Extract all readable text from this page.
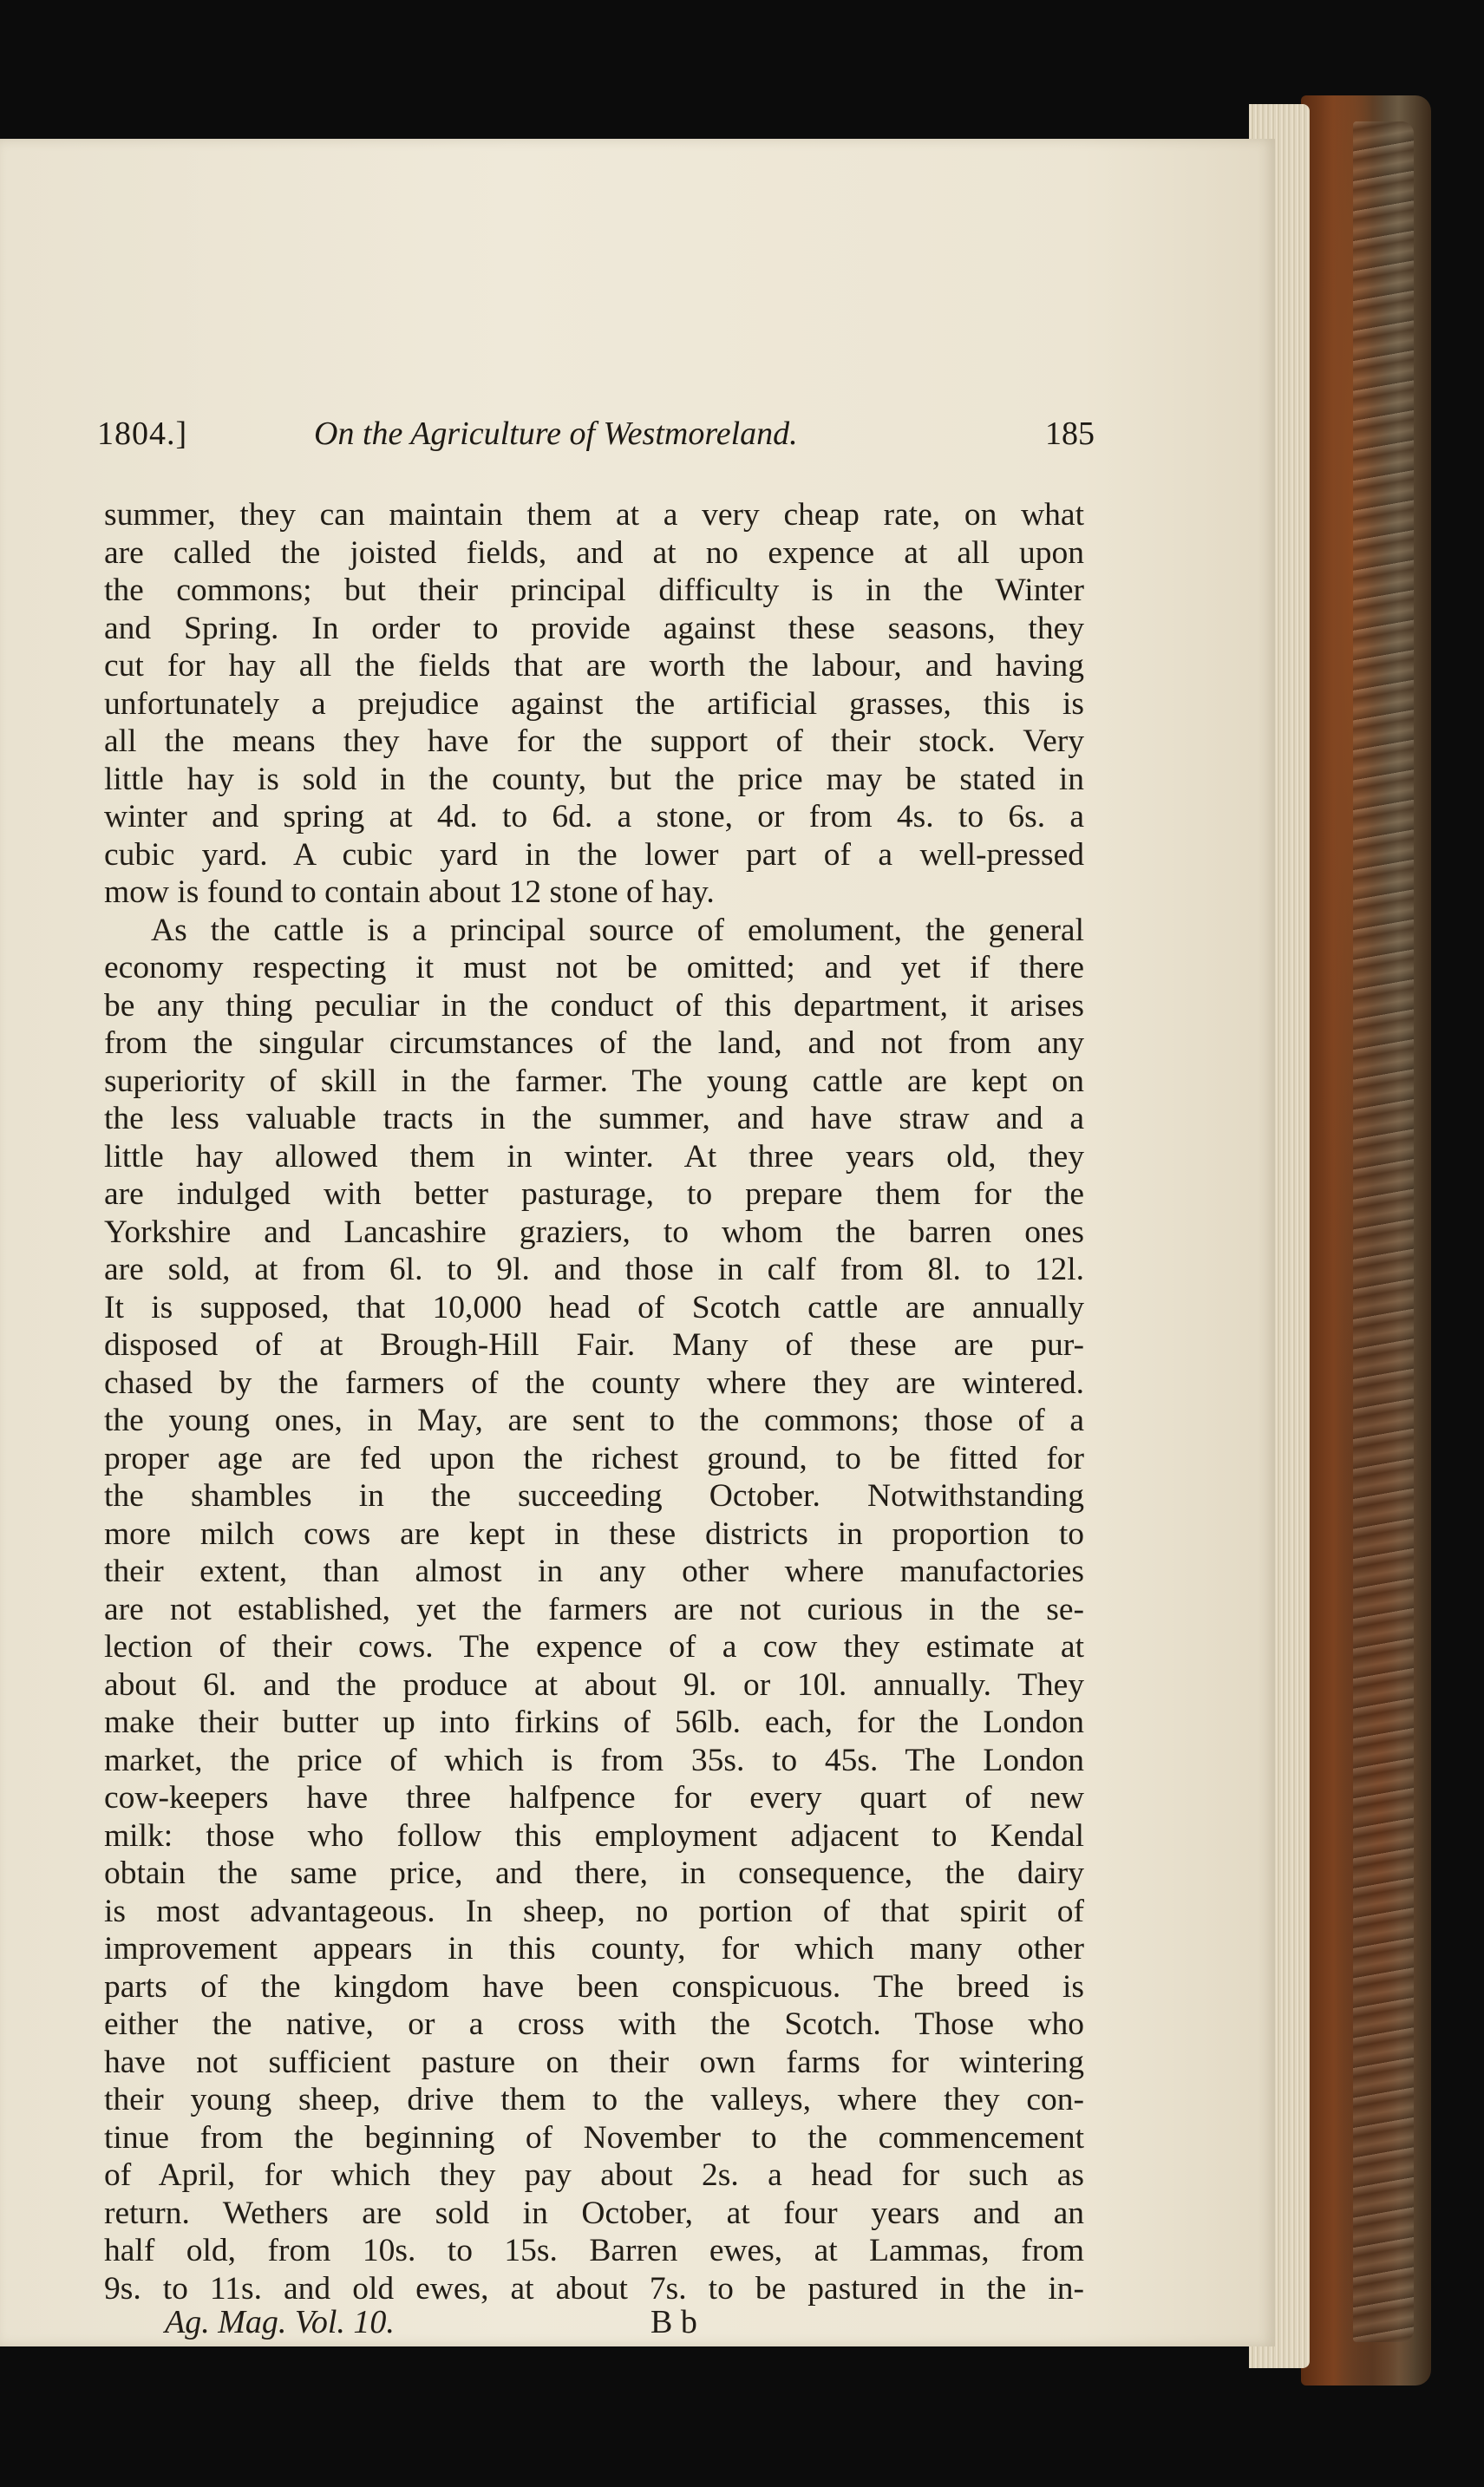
1804.]	On the Agriculture of Westmoreland.	185
summer, they can maintain them at a very cheap rate, on what
are called the joisted fields, and at no expence at all upon
the commons; but their principal difficulty is in the Winter
and Spring. In order to provide against these seasons, they
cut for hay all the fields that are worth the labour, and having
unfortunately a prejudice against the artificial grasses, this is
all the means they have for the support of their stock. Very
little hay is sold in the county, but the price may be stated in
winter and spring at 4d. to 6d. a stone, or from 4s. to 6s. a
cubic yard. A cubic yard in the lower part of a well-pressed
mow is found to contain about 12 stone of hay.
As the cattle is a principal source of emolument, the general
economy respecting it must not be omitted; and yet if there
be any thing peculiar in the conduct of this department, it arises
from the singular circumstances of the land, and not from any
superiority of skill in the farmer. The young cattle are kept on
the less valuable tracts in the summer, and have straw and a
little hay allowed them in winter. At three years old, they
are indulged with better pasturage, to prepare them for the
Yorkshire and Lancashire graziers, to whom the barren ones
are sold, at from 6l. to 9l. and those in calf from 8l. to 12l.
It is supposed, that 10,000 head of Scotch cattle are annually
disposed of at Brough-Hill Fair. Many of these are pur-
chased by the farmers of the county where they are wintered.
the young ones, in May, are sent to the commons; those of a
proper age are fed upon the richest ground, to be fitted for
the shambles in the succeeding October. Notwithstanding
more milch cows are kept in these districts in proportion to
their extent, than almost in any other where manufactories
are not established, yet the farmers are not curious in the se-
lection of their cows. The expence of a cow they estimate at
about 6l. and the produce at about 9l. or 10l. annually. They
make their butter up into firkins of 56lb. each, for the London
market, the price of which is from 35s. to 45s. The London
cow-keepers have three halfpence for every quart of new
milk: those who follow this employment adjacent to Kendal
obtain the same price, and there, in consequence, the dairy
is most advantageous. In sheep, no portion of that spirit of
improvement appears in this county, for which many other
parts of the kingdom have been conspicuous. The breed is
either the native, or a cross with the Scotch. Those who
have not sufficient pasture on their own farms for wintering
their young sheep, drive them to the valleys, where they con-
tinue from the beginning of November to the commencement
of April, for which they pay about 2s. a head for such as
return. Wethers are sold in October, at four years and an
half old, from 10s. to 15s. Barren ewes, at Lammas, from
9s. to 11s. and old ewes, at about 7s. to be pastured in the in-
Ag. Mag. Vol. 10.	B b
